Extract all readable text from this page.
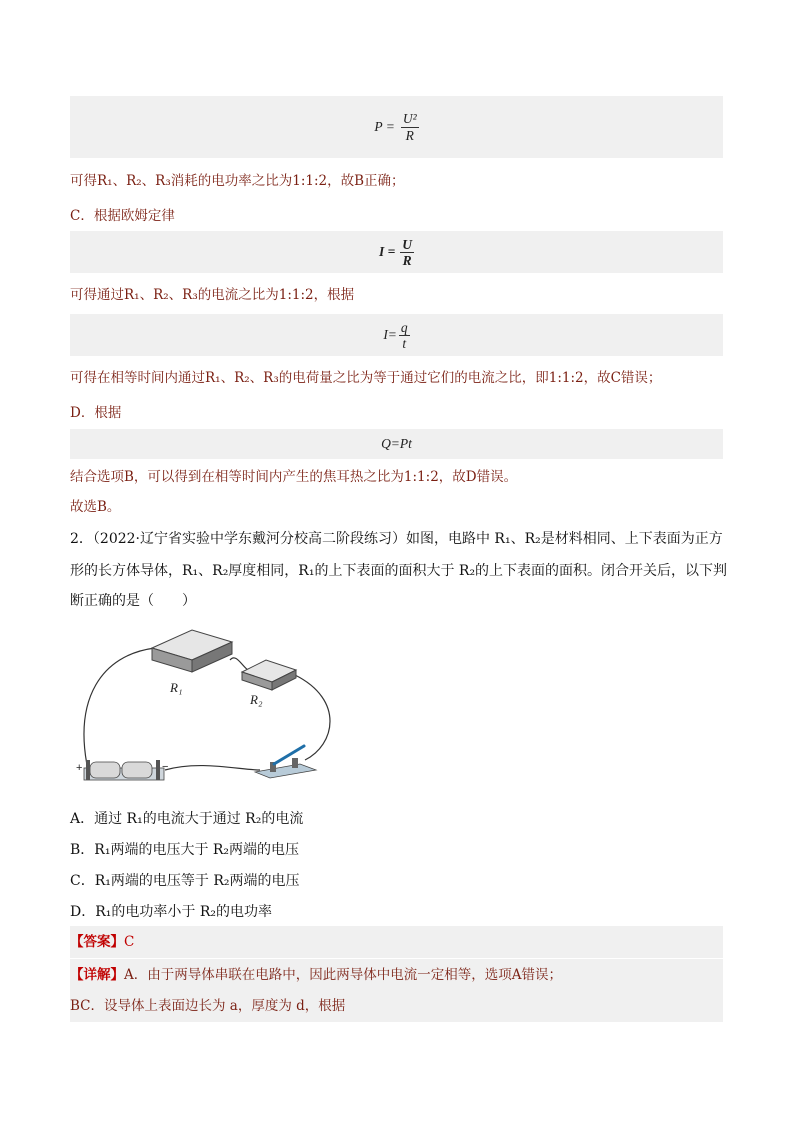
$P = \frac{\text{U²}}{R}$
可得R₁、R₂、R₃消耗的电功率之比为1:1:2，故B正确；
C．根据欧姆定律
$I = \frac{U}{R}$
可得通过R₁、R₂、R₃的电流之比为1:1:2，根据
$I= \frac{q}{t}$
可得在相等时间内通过R₁、R₂、R₃的电荷量之比为等于通过它们的电流之比，即1:1:2，故C错误；
D．根据
Q=Pt
结合选项B，可以得到在相等时间内产生的焦耳热之比为1:1:2，故D错误。
故选B。
2．（2022·辽宁省实验中学东戴河分校高二阶段练习）如图，电路中 R₁、R₂是材料相同、上下表面为正方
形的长方体导体，R₁、R₂厚度相同，R₁的上下表面的面积大于 R₂的上下表面的面积。闭合开关后，以下判
断正确的是（　　）
R₁
R₂
+	−
A．通过 R₁的电流大于通过 R₂的电流
B．R₁两端的电压大于 R₂两端的电压
C．R₁两端的电压等于 R₂两端的电压
D．R₁的电功率小于 R₂的电功率
【答案】C
【详解】A．由于两导体串联在电路中，因此两导体中电流一定相等，选项A错误；
BC．设导体上表面边长为 a，厚度为 d，根据
